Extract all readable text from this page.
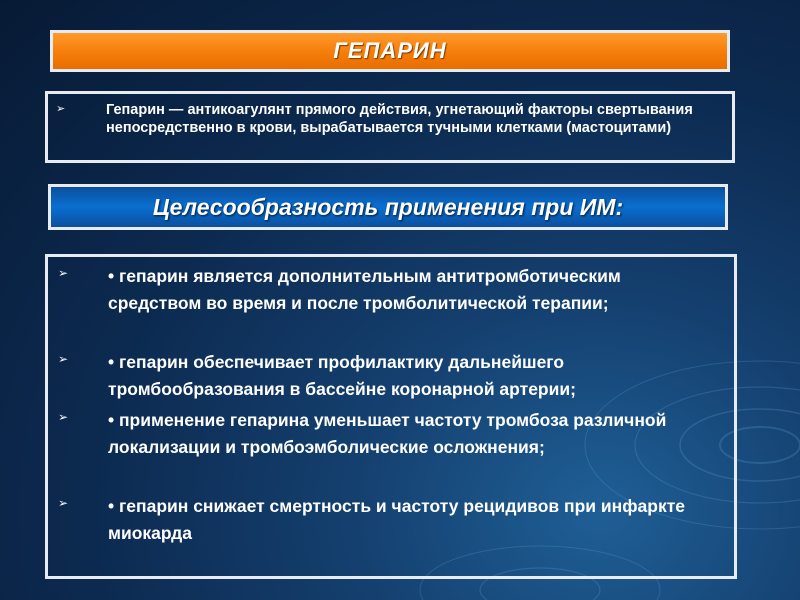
ГЕПАРИН
➢	Гепарин — антикоагулянт прямого действия, угнетающий факторы свертывания непосредственно в крови, вырабатывается тучными клетками (мастоцитами)
Целесообразность применения при ИМ:
➢ • гепарин является дополнительным антитромботическим средством во время и после тромболитической терапии;
➢ • гепарин обеспечивает профилактику дальнейшего тромбообразования в бассейне коронарной артерии;
➢ • применение гепарина уменьшает частоту тромбоза различной локализации и тромбоэмболические осложнения;
➢ • гепарин снижает смертность и частоту рецидивов при инфаркте миокарда
